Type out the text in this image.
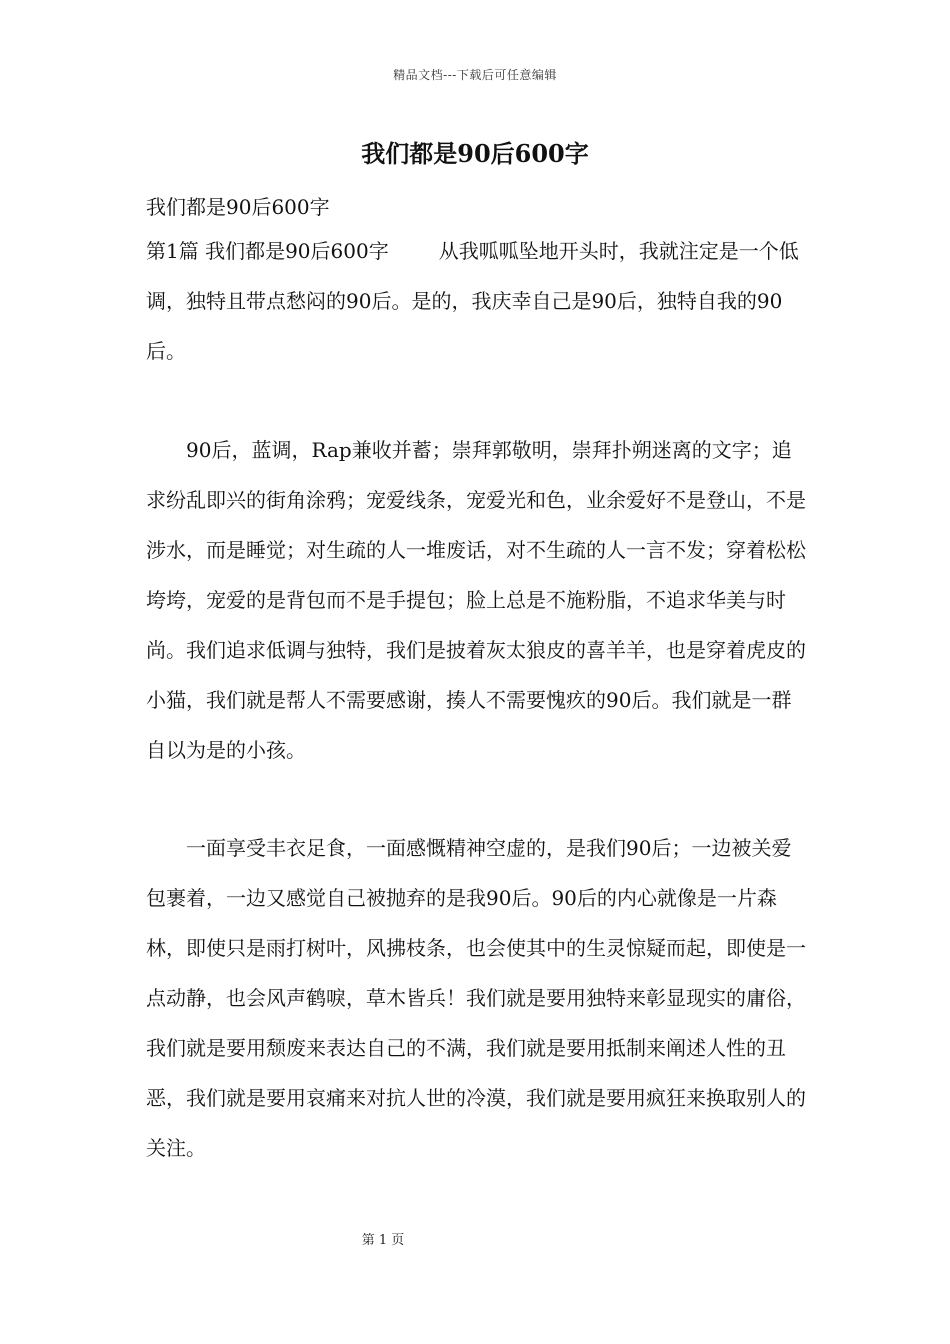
精品文档---下载后可任意编辑
我们都是90后600字

我们都是90后600字

第1篇 我们都是90后600字	从我呱呱坠地开头时，我就注定是一个低调，独特且带点愁闷的90后。是的，我庆幸自己是90后，独特自我的90后。

90后，蓝调，Rap兼收并蓄；崇拜郭敬明，崇拜扑朔迷离的文字；追求纷乱即兴的街角涂鸦；宠爱线条，宠爱光和色，业余爱好不是登山，不是涉水，而是睡觉；对生疏的人一堆废话，对不生疏的人一言不发；穿着松松垮垮，宠爱的是背包而不是手提包；脸上总是不施粉脂，不追求华美与时尚。我们追求低调与独特，我们是披着灰太狼皮的喜羊羊，也是穿着虎皮的小猫，我们就是帮人不需要感谢，揍人不需要愧疚的90后。我们就是一群自以为是的小孩。

一面享受丰衣足食，一面感慨精神空虚的，是我们90后；一边被关爱包裹着，一边又感觉自己被抛弃的是我90后。90后的内心就像是一片森林，即使只是雨打树叶，风拂枝条，也会使其中的生灵惊疑而起，即使是一点动静，也会风声鹤唳，草木皆兵！我们就是要用独特来彰显现实的庸俗，我们就是要用颓废来表达自己的不满，我们就是要用抵制来阐述人性的丑恶，我们就是要用哀痛来对抗人世的冷漠，我们就是要用疯狂来换取别人的关注。

第 1 页
